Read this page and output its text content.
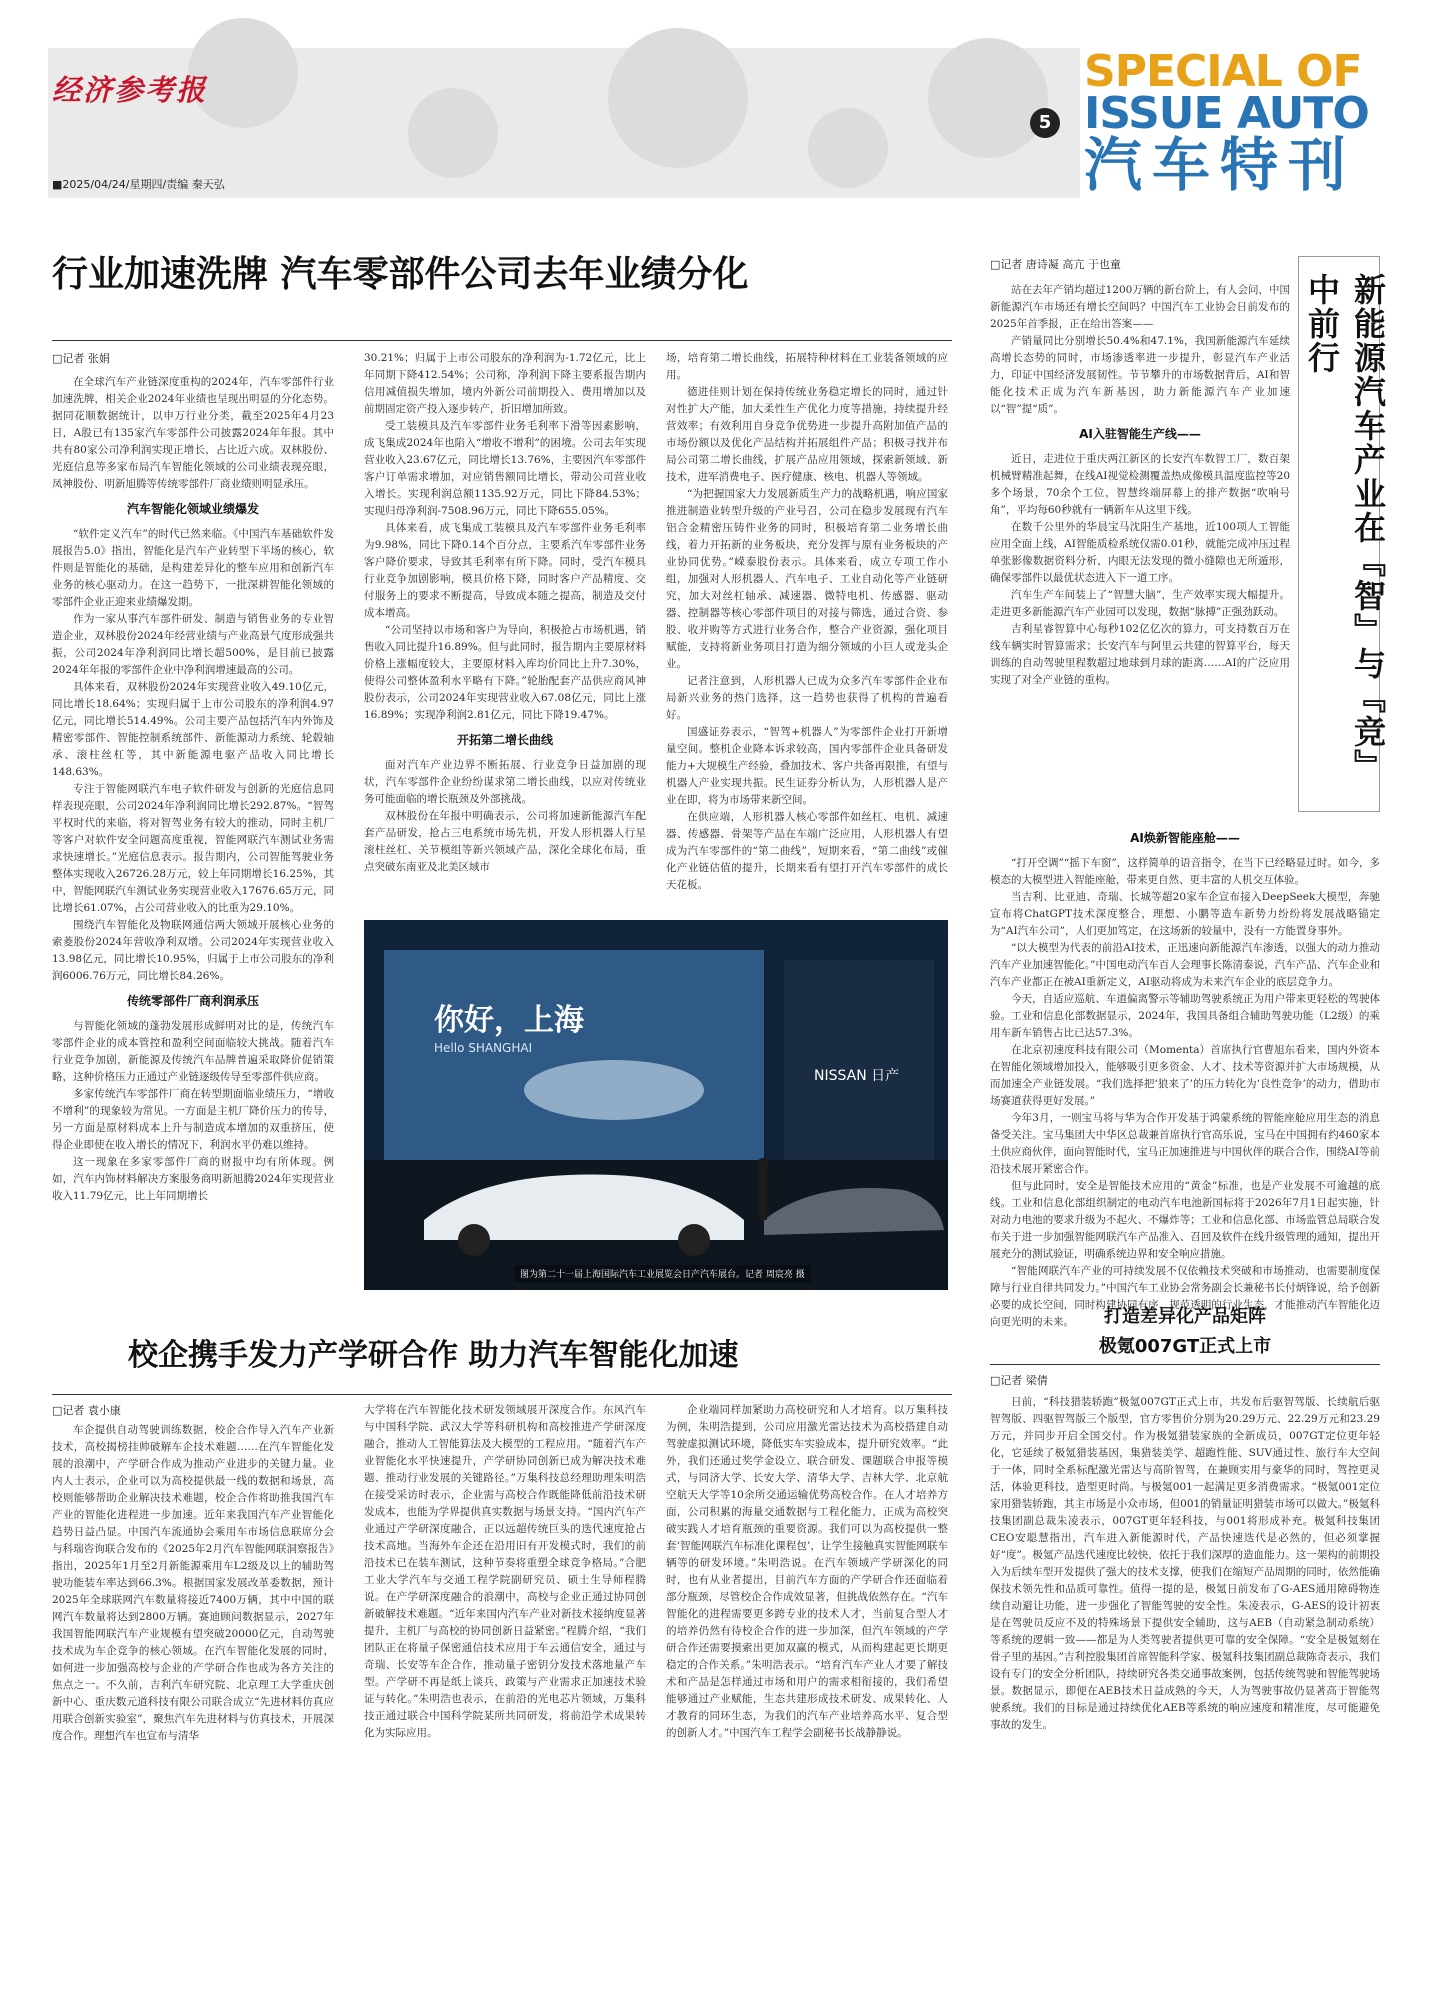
经济参考报
■2025/04/24/星期四/责编 秦天弘
5
SPECIAL OF
ISSUE AUTO
汽车特刊
行业加速洗牌 汽车零部件公司去年业绩分化
□记者 张娟

在全球汽车产业链深度重构的2024年，汽车零部件行业加速洗牌，相关企业2024年业绩也呈现出明显的分化态势。据同花顺数据统计，以申万行业分类，截至2025年4月23日，A股已有135家汽车零部件公司披露2024年年报。其中共有80家公司净利润实现正增长，占比近六成。双林股份、光庭信息等多家布局汽车智能化领域的公司业绩表现亮眼，凤神股份、明新旭腾等传统零部件厂商业绩则明显承压。

汽车智能化领域业绩爆发

“软件定义汽车”的时代已然来临。《中国汽车基础软件发展报告5.0》指出，智能化是汽车产业转型下半场的核心，软件则是智能化的基础，是构建差异化的整车应用和创新汽车业务的核心驱动力。在这一趋势下，一批深耕智能化领域的零部件企业正迎来业绩爆发期。

作为一家从事汽车部件研发、制造与销售业务的专业智造企业，双林股份2024年经营业绩与产业高景气度形成强共振，公司2024年净利润同比增长超500%，是目前已披露2024年年报的零部件企业中净利润增速最高的公司。

具体来看，双林股份2024年实现营业收入49.10亿元，同比增长18.64%；实现归属于上市公司股东的净利润4.97亿元，同比增长514.49%。公司主要产品包括汽车内外饰及精密零部件、智能控制系统部件、新能源动力系统、轮毂轴承、滚柱丝杠等，其中新能源电驱产品收入同比增长148.63%。

专注于智能网联汽车电子软件研发与创新的光庭信息同样表现亮眼，公司2024年净利润同比增长292.87%。“智驾平权时代的来临，将对智驾业务有较大的推动，同时主机厂等客户对软件安全问题高度重视，智能网联汽车测试业务需求快速增长。”光庭信息表示。报告期内，公司智能驾驶业务整体实现收入26726.28万元，较上年同期增长16.25%，其中，智能网联汽车测试业务实现营业收入17676.65万元，同比增长61.07%，占公司营业收入的比重为29.10%。

围绕汽车智能化及物联网通信两大领域开展核心业务的索菱股份2024年营收净利双增。公司2024年实现营业收入13.98亿元，同比增长10.95%，归属于上市公司股东的净利润6006.76万元，同比增长84.26%。

传统零部件厂商利润承压

与智能化领域的蓬勃发展形成鲜明对比的是，传统汽车零部件企业的成本管控和盈利空间面临较大挑战。随着汽车行业竞争加剧，新能源及传统汽车品牌普遍采取降价促销策略，这种价格压力正通过产业链逐级传导至零部件供应商。

多家传统汽车零部件厂商在转型期面临业绩压力，“增收不增利”的现象较为常见。一方面是主机厂降价压力的传导，另一方面是原材料成本上升与制造成本增加的双重挤压，使得企业即使在收入增长的情况下，利润水平仍难以维持。

这一现象在多家零部件厂商的财报中均有所体现。例如，汽车内饰材料解决方案服务商明新旭腾2024年实现营业收入11.79亿元，比上年同期增长

30.21%；归属于上市公司股东的净利润为-1.72亿元，比上年同期下降412.54%；公司称，净利润下降主要系报告期内信用减值损失增加，境内外新公司前期投入、费用增加以及前期固定资产投入逐步转产，折旧增加所致。

受工装模具及汽车零部件业务毛利率下滑等因素影响，成飞集成2024年也陷入“增收不增利”的困境。公司去年实现营业收入23.67亿元，同比增长13.76%，主要因汽车零部件客户订单需求增加，对应销售额同比增长，带动公司营业收入增长。实现利润总额1135.92万元，同比下降84.53%；实现归母净利润-7508.96万元，同比下降655.05%。

具体来看，成飞集成工装模具及汽车零部件业务毛利率为9.98%，同比下降0.14个百分点，主要系汽车零部件业务客户降价要求，导致其毛利率有所下降。同时，受汽车模具行业竞争加剧影响，模具价格下降，同时客户产品精度、交付服务上的要求不断提高，导致成本随之提高，制造及交付成本增高。

“公司坚持以市场和客户为导向，积极抢占市场机遇，销售收入同比提升16.89%。但与此同时，报告期内主要原材料价格上涨幅度较大，主要原材料入库均价同比上升7.30%，使得公司整体盈利水平略有下降。”轮胎配套产品供应商风神股份表示，公司2024年实现营业收入67.08亿元，同比上涨16.89%；实现净利润2.81亿元，同比下降19.47%。

开拓第二增长曲线

面对汽车产业边界不断拓展、行业竞争日益加剧的现状，汽车零部件企业纷纷谋求第二增长曲线，以应对传统业务可能面临的增长瓶颈及外部挑战。

双林股份在年报中明确表示，公司将加速新能源汽车配套产品研发，抢占三电系统市场先机，开发人形机器人行星滚柱丝杠、关节模组等新兴领域产品，深化全球化布局，重点突破东南亚及北美区域市

场，培育第二增长曲线，拓展特种材料在工业装备领域的应用。

德进佳则计划在保持传统业务稳定增长的同时，通过针对性扩大产能，加大柔性生产优化力度等措施，持续提升经营效率；有效利用自身竞争优势进一步提升高附加值产品的市场份额以及优化产品结构并拓展组件产品；积极寻找并布局公司第二增长曲线，扩展产品应用领域，探索新领域、新技术，进军消费电子、医疗健康、核电、机器人等领域。

“为把握国家大力发展新质生产力的战略机遇，响应国家推进制造业转型升级的产业号召，公司在稳步发展现有汽车铝合金精密压铸件业务的同时，积极培育第二业务增长曲线，着力开拓新的业务板块，充分发挥与原有业务板块的产业协同优势。”嵘泰股份表示。具体来看，成立专项工作小组，加强对人形机器人、汽车电子、工业自动化等产业链研究，加大对丝杠轴承、减速器、微特电机、传感器、驱动器、控制器等核心零部件项目的对接与筛选，通过合资、参股、收并购等方式进行业务合作，整合产业资源，强化项目赋能，支持将新业务项目打造为细分领域的小巨人或龙头企业。

记者注意到，人形机器人已成为众多汽车零部件企业布局新兴业务的热门选择，这一趋势也获得了机构的普遍看好。

国盛证券表示，“智驾+机器人”为零部件企业打开新增量空间。整机企业降本诉求较高，国内零部件企业具备研发能力+大规模生产经验，叠加技术、客户共备再限推，有望与机器人产业实现共振。民生证券分析认为，人形机器人是产业在即，将为市场带来新空间。

在供应端，人形机器人核心零部件如丝杠、电机、减速器、传感器、骨架等产品在车端广泛应用，人形机器人有望成为汽车零部件的“第二曲线”，短期来看，“第二曲线”或催化产业链估值的提升，长期来看有望打开汽车零部件的成长天花板。

你好，上海
Hello SHANGHAI
NISSAN 日产
图为第二十一届上海国际汽车工业展览会日产汽车展台。记者 周宸亮 摄
□记者 唐诗凝 高亢 于也童
新能源汽车产业在『智』与『竞』中前行

站在去年产销均超过1200万辆的新台阶上，有人会问，中国新能源汽车市场还有增长空间吗？中国汽车工业协会日前发布的2025年首季报，正在给出答案——

产销量同比分别增长50.4%和47.1%，我国新能源汽车延续高增长态势的同时，市场渗透率进一步提升，彰显汽车产业活力，印证中国经济发展韧性。节节攀升的市场数据背后，AI和智能化技术正成为汽车新基因，助力新能源汽车产业加速以“智”提“质”。

AI入驻智能生产线——

近日，走进位于重庆两江新区的长安汽车数智工厂，数百架机械臂精准起舞，在线AI视觉检测覆盖热成像模具温度监控等20多个场景，70余个工位，智慧终端屏幕上的排产数据“吹响号角”，平均每60秒就有一辆新车从这里下线。

在数千公里外的华晨宝马沈阳生产基地，近100项人工智能应用全面上线，AI智能质检系统仅需0.01秒，就能完成冲压过程单张影像数据资料分析，内眼无法发现的微小缝隙也无所遁形，确保零部件以最优状态进入下一道工序。

汽车生产车间装上了“智慧大脑”，生产效率实现大幅提升。走进更多新能源汽车产业园可以发现，数据“脉搏”正强劲跃动。

吉利星睿智算中心每秒102亿亿次的算力，可支持数百万在线车辆实时智算需求；长安汽车与阿里云共建的智算平台，每天训练的自动驾驶里程数超过地球到月球的距离……AI的广泛应用实现了对全产业链的重构。

AI焕新智能座舱——

“打开空调”“摇下车窗”，这样简单的语音指令，在当下已经略显过时。如今，多模态的大模型进入智能座舱，带来更自然、更丰富的人机交互体验。

当吉利、比亚迪、奇瑞、长城等超20家车企宣布接入DeepSeek大模型，奔驰宣布将ChatGPT技术深度整合，理想、小鹏等造车新势力纷纷将发展战略锚定为“AI汽车公司”，人们更加笃定，在这场新的较量中，没有一方能置身事外。

“以大模型为代表的前沿AI技术，正迅速向新能源汽车渗透，以强大的动力推动汽车产业加速智能化。”中国电动汽车百人会理事长陈清泰说，汽车产品、汽车企业和汽车产业都正在被AI重新定义，AI驱动将成为未来汽车企业的底层竞争力。

今天，自适应巡航、车道偏离警示等辅助驾驶系统正为用户带来更轻松的驾驶体验。工业和信息化部数据显示，2024年，我国具备组合辅助驾驶功能（L2级）的乘用车新车销售占比已达57.3%。

在北京初速度科技有限公司（Momenta）首席执行官曹旭东看来，国内外资本在智能化领域增加投入，能够吸引更多资金、人才、技术等资源并扩大市场规模，从而加速全产业链发展。“我们选择把‘狼来了’的压力转化为‘良性竞争’的动力，借助市场赛道获得更好发展。”

今年3月，一则宝马将与华为合作开发基于鸿蒙系统的智能座舱应用生态的消息备受关注。宝马集团大中华区总裁兼首席执行官高乐说，宝马在中国拥有约460家本土供应商伙伴，面向智能时代，宝马正加速推进与中国伙伴的联合合作，围绕AI等前沿技术展开紧密合作。

但与此同时，安全是智能技术应用的“黄金”标准，也是产业发展不可逾越的底线。工业和信息化部组织制定的电动汽车电池新国标将于2026年7月1日起实施，针对动力电池的要求升级为不起火、不爆炸等；工业和信息化部、市场监管总局联合发布关于进一步加强智能网联汽车产品准入、召回及软件在线升级管理的通知，提出开展充分的测试验证，明确系统边界和安全响应措施。

“智能网联汽车产业的可持续发展不仅依赖技术突破和市场推动，也需要制度保障与行业自律共同发力。”中国汽车工业协会常务副会长兼秘书长付炳锋说，给予创新必要的成长空间，同时构建协同有序、规范透明的行业生态，才能推动汽车智能化迈向更光明的未来。

校企携手发力产学研合作 助力汽车智能化加速
□记者 袁小康

车企提供自动驾驶训练数据，校企合作导入汽车产业新技术，高校揭榜挂帅破解车企技术难题……在汽车智能化发展的浪潮中，产学研合作成为推动产业进步的关键力量。业内人士表示，企业可以为高校提供最一线的数据和场景，高校则能够帮助企业解决技术难题，校企合作将助推我国汽车产业的智能化进程进一步加速。近年来我国汽车产业智能化趋势日益凸显。中国汽车流通协会乘用车市场信息联席分会与科瑞咨询联合发布的《2025年2月汽车智能网联洞察报告》指出，2025年1月至2月新能源乘用车L2级及以上的辅助驾驶功能装车率达到66.3%。根据国家发展改革委数据，预计2025年全球联网汽车数量将接近7400万辆，其中中国的联网汽车数量将达到2800万辆。赛迪顾问数据显示，2027年我国智能网联汽车产业规模有望突破20000亿元，自动驾驶技术成为车企竞争的核心领域。在汽车智能化发展的同时，如何进一步加强高校与企业的产学研合作也成为各方关注的焦点之一。不久前，吉利汽车研究院、北京理工大学重庆创新中心、重庆数元道科技有限公司联合成立“先进材料仿真应用联合创新实验室”，聚焦汽车先进材料与仿真技术，开展深度合作。理想汽车也宣布与清华

大学将在汽车智能化技术研发领域展开深度合作。东风汽车与中国科学院、武汉大学等科研机构和高校推进产学研深度融合，推动人工智能算法及大模型的工程应用。“随着汽车产业智能化水平快速提升，产学研协同创新已成为解决技术难题、推动行业发展的关键路径。”万集科技总经理助理朱明浩在接受采访时表示，企业需与高校合作既能降低前沿技术研发成本，也能为学界提供真实数据与场景支持。“国内汽车产业通过产学研深度融合，正以远超传统巨头的迭代速度抢占技术高地。当海外车企还在沿用旧有开发模式时，我们的前沿技术已在装车测试，这种节奏将重塑全球竞争格局。”合肥工业大学汽车与交通工程学院副研究员、硕士生导师程腾说。在产学研深度融合的浪潮中，高校与企业正通过协同创新破解技术难题。“近年来国内汽车产业对新技术接纳度显著提升，主机厂与高校的协同创新日益紧密。”程腾介绍，“我们团队正在将量子保密通信技术应用于车云通信安全，通过与奇瑞、长安等车企合作，推动量子密钥分发技术落地量产车型。产学研不再是纸上谈兵，政策与产业需求正加速技术验证与转化。”朱明浩也表示，在前沿的光电芯片领域，万集科技正通过联合中国科学院某所共同研发，将前沿学术成果转化为实际应用。

企业端同样加紧助力高校研究和人才培育。以万集科技为例，朱明浩提到，公司应用激光雷达技术为高校搭建自动驾驶虚拟测试环境，降低实车实验成本，提升研究效率。“此外，我们还通过奖学金设立、联合研发、课题联合申报等模式，与同济大学、长安大学、清华大学、吉林大学、北京航空航天大学等10余所交通运输优势高校合作。在人才培养方面，公司积累的海量交通数据与工程化能力，正成为高校突破实践人才培育瓶颈的重要资源。我们可以为高校提供一整套‘智能网联汽车标准化课程包’，让学生接触真实智能网联车辆等的研发环境。”朱明浩说。在汽车领域产学研深化的同时，也有从业者提出，目前汽车方面的产学研合作还面临着部分瓶颈，尽管校企合作成效显著，但挑战依然存在。“汽车智能化的进程需要更多跨专业的技术人才，当前复合型人才的培养仍然有待校企合作的进一步加深，但汽车领域的产学研合作还需要摸索出更加双赢的模式，从而构建起更长期更稳定的合作关系。”朱明浩表示。“培育汽车产业人才要了解技术和产品是怎样通过市场和用户的需求相衔接的，我们希望能够通过产业赋能，生态共建形成技术研发、成果转化、人才教育的同环生态，为我们的汽车产业培养高水平、复合型的创新人才。”中国汽车工程学会副秘书长战静静说。

打造差异化产品矩阵
极氪007GT正式上市
□记者 梁倩

日前，“科技猎装轿跑”极氪007GT正式上市，共发布后驱智驾版、长续航后驱智驾版、四驱智驾版三个版型，官方零售价分别为20.29万元、22.29万元和23.29万元，并同步开启全国交付。作为极氪猎装家族的全新成员，007GT定位更年轻化，它延续了极氪猎装基因，集猎装美学、超跑性能、SUV通过性、旅行车大空间于一体，同时全系标配激光雷达与高阶智驾，在兼顾实用与豪华的同时，驾控更灵活，体验更科技，造型更时尚。与极氪001一起满足更多消费需求。“极氪001定位家用猎装轿跑，其主市场是小众市场，但001的销量证明猎装市场可以做大。”极氪科技集团副总裁朱凌表示，007GT更年轻科技，与001将形成补充。极氪科技集团CEO安聪慧指出，汽车进入新能源时代，产品快速迭代是必然的，但必须掌握好“度”。极氪产品迭代速度比较快，依托于我们深厚的造血能力。这一架构的前期投入为后续车型开发提供了强大的技术支撑，使我们在缩短产品周期的同时，依然能确保技术领先性和品质可靠性。值得一提的是，极氪日前发布了G-AES通用障碍物连续自动避让功能，进一步强化了智能驾驶的安全性。朱凌表示，G-AES的设计初衷是在驾驶员反应不及的特殊场景下提供安全辅助，这与AEB（自动紧急制动系统）等系统的逻辑一致——都是为人类驾驶者提供更可靠的安全保障。“安全是极氪刻在骨子里的基因。”吉利控股集团首席智能科学家、极氪科技集团副总裁陈奇表示，我们设有专门的安全分析团队，持续研究各类交通事故案例，包括传统驾驶和智能驾驶场景。数据显示，即便在AEB技术日益成熟的今天，人为驾驶事故仍显著高于智能驾驶系统。我们的目标是通过持续优化AEB等系统的响应速度和精准度，尽可能避免事故的发生。
